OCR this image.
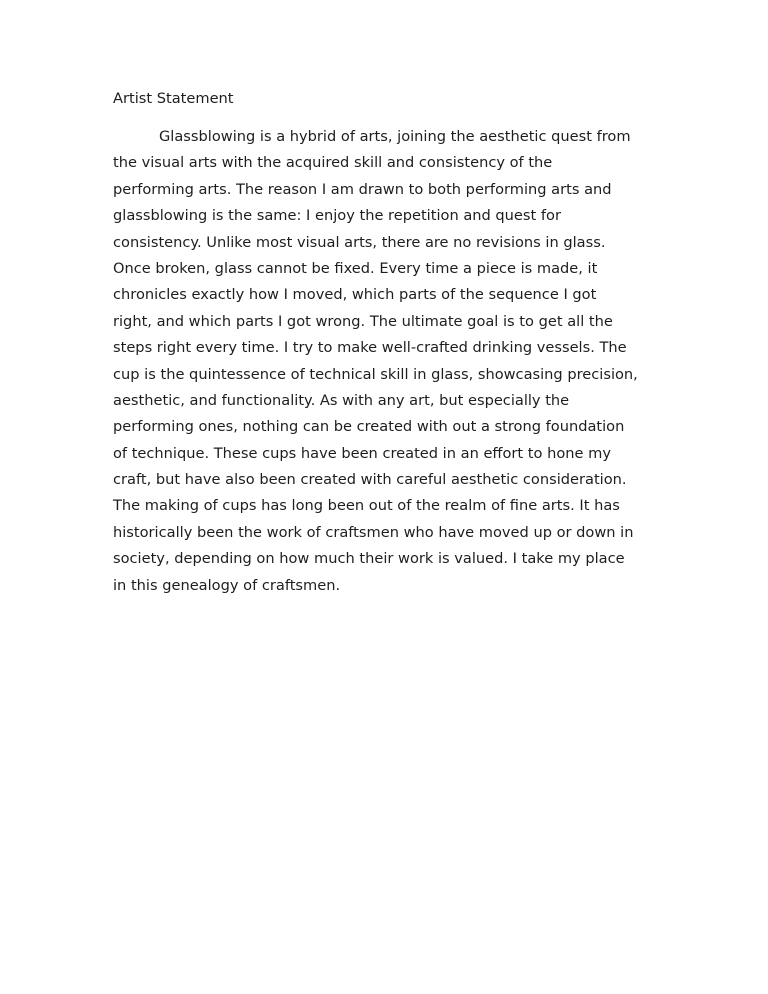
Artist Statement
Glassblowing is a hybrid of arts, joining the aesthetic quest from
the visual arts with the acquired skill and consistency of the
performing arts. The reason I am drawn to both performing arts and
glassblowing is the same: I enjoy the repetition and quest for
consistency. Unlike most visual arts, there are no revisions in glass.
Once broken, glass cannot be fixed. Every time a piece is made, it
chronicles exactly how I moved, which parts of the sequence I got
right, and which parts I got wrong. The ultimate goal is to get all the
steps right every time. I try to make well-crafted drinking vessels. The
cup is the quintessence of technical skill in glass, showcasing precision,
aesthetic, and functionality. As with any art, but especially the
performing ones, nothing can be created with out a strong foundation
of technique. These cups have been created in an effort to hone my
craft, but have also been created with careful aesthetic consideration.
The making of cups has long been out of the realm of fine arts. It has
historically been the work of craftsmen who have moved up or down in
society, depending on how much their work is valued. I take my place
in this genealogy of craftsmen.
